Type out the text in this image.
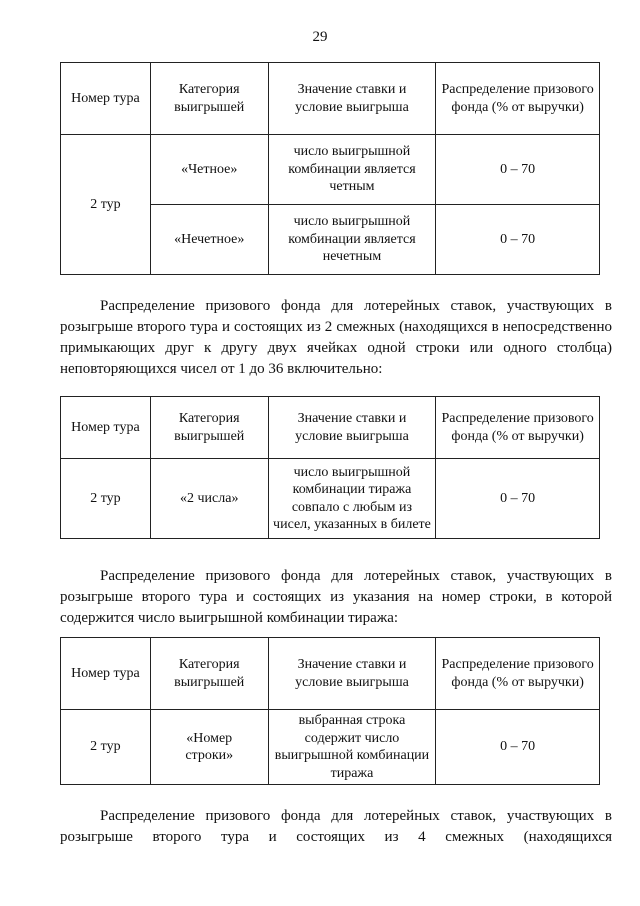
29
Номер тура	Категория выигрышей	Значение ставки и условие выигрыша	Распределение призового фонда (% от выручки)
2 тур	«Четное»	число выигрышной комбинации является четным	0 – 70
	«Нечетное»	число выигрышной комбинации является нечетным	0 – 70

Распределение призового фонда для лотерейных ставок, участвующих в розыгрыше второго тура и состоящих из 2 смежных (находящихся в непосредственно примыкающих друг к другу двух ячейках одной строки или одного столбца) неповторяющихся чисел от 1 до 36 включительно:

Номер тура	Категория выигрышей	Значение ставки и условие выигрыша	Распределение призового фонда (% от выручки)
2 тур	«2 числа»	число выигрышной комбинации тиража совпало с любым из чисел, указанных в билете	0 – 70

Распределение призового фонда для лотерейных ставок, участвующих в розыгрыше второго тура и состоящих из указания на номер строки, в которой содержится число выигрышной комбинации тиража:

Номер тура	Категория выигрышей	Значение ставки и условие выигрыша	Распределение призового фонда (% от выручки)
2 тур	«Номер строки»	выбранная строка содержит число выигрышной комбинации тиража	0 – 70

Распределение призового фонда для лотерейных ставок, участвующих в розыгрыше второго тура и состоящих из 4 смежных (находящихся
